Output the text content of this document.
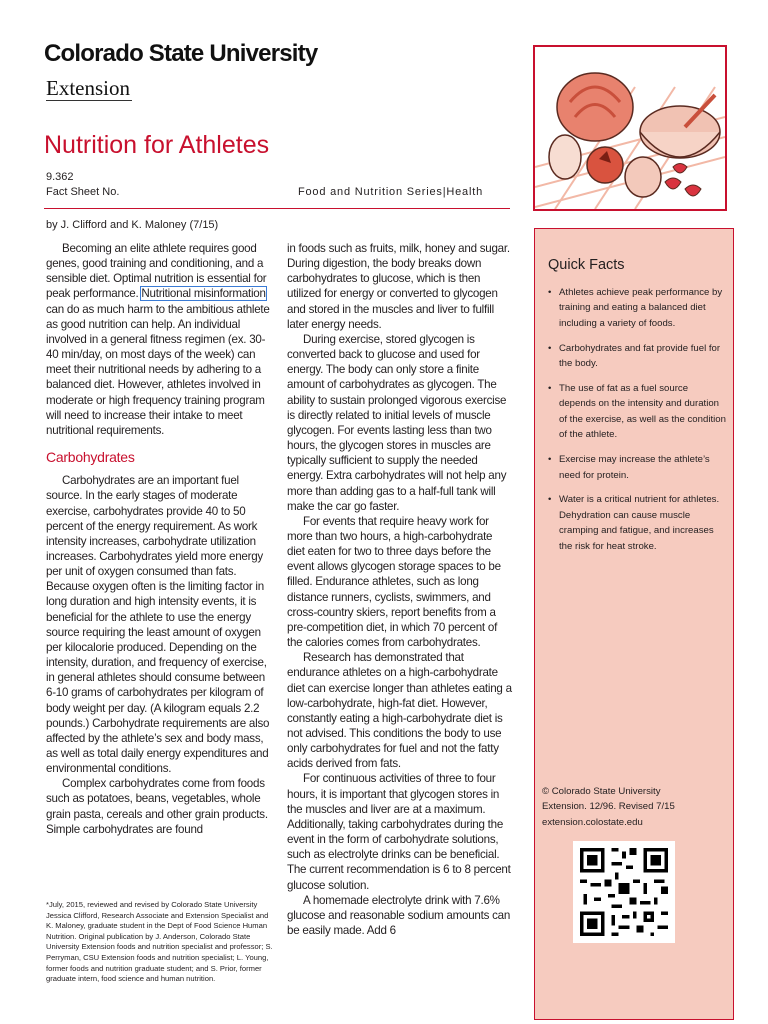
Colorado State University
Extension
Nutrition for Athletes
9.362
Fact Sheet No.	Food and Nutrition Series|Health
by J. Clifford and K. Maloney (7/15)

Becoming an elite athlete requires good genes, good training and conditioning, and a sensible diet. Optimal nutrition is essential for peak performance. Nutritional misinformation can do as much harm to the ambitious athlete as good nutrition can help. An individual involved in a general fitness regimen (ex. 30-40 min/day, on most days of the week) can meet their nutritional needs by adhering to a balanced diet. However, athletes involved in moderate or high frequency training program will need to increase their intake to meet nutritional requirements.

Carbohydrates

Carbohydrates are an important fuel source. In the early stages of moderate exercise, carbohydrates provide 40 to 50 percent of the energy requirement. As work intensity increases, carbohydrate utilization increases. Carbohydrates yield more energy per unit of oxygen consumed than fats. Because oxygen often is the limiting factor in long duration and high intensity events, it is beneficial for the athlete to use the energy source requiring the least amount of oxygen per kilocalorie produced. Depending on the intensity, duration, and frequency of exercise, in general athletes should consume between 6-10 grams of carbohydrates per kilogram of body weight per day. (A kilogram equals 2.2 pounds.) Carbohydrate requirements are also affected by the athlete’s sex and body mass, as well as total daily energy expenditures and environmental conditions.

Complex carbohydrates come from foods such as potatoes, beans, vegetables, whole grain pasta, cereals and other grain products. Simple carbohydrates are found

in foods such as fruits, milk, honey and sugar. During digestion, the body breaks down carbohydrates to glucose, which is then utilized for energy or converted to glycogen and stored in the muscles and liver to fulfill later energy needs.

During exercise, stored glycogen is converted back to glucose and used for energy. The body can only store a finite amount of carbohydrates as glycogen. The ability to sustain prolonged vigorous exercise is directly related to initial levels of muscle glycogen. For events lasting less than two hours, the glycogen stores in muscles are typically sufficient to supply the needed energy. Extra carbohydrates will not help any more than adding gas to a half-full tank will make the car go faster.

For events that require heavy work for more than two hours, a high-carbohydrate diet eaten for two to three days before the event allows glycogen storage spaces to be filled. Endurance athletes, such as long distance runners, cyclists, swimmers, and cross-country skiers, report benefits from a pre-competition diet, in which 70 percent of the calories comes from carbohydrates.

Research has demonstrated that endurance athletes on a high-carbohydrate diet can exercise longer than athletes eating a low-carbohydrate, high-fat diet. However, constantly eating a high-carbohydrate diet is not advised. This conditions the body to use only carbohydrates for fuel and not the fatty acids derived from fats.

For continuous activities of three to four hours, it is important that glycogen stores in the muscles and liver are at a maximum. Additionally, taking carbohydrates during the event in the form of carbohydrate solutions, such as electrolyte drinks can be beneficial. The current recommendation is 6 to 8 percent glucose solution.

A homemade electrolyte drink with 7.6% glucose and reasonable sodium amounts can be easily made. Add 6

*July, 2015, reviewed and revised by Colorado State University Jessica Clifford, Research Associate and Extension Specialist and K. Maloney, graduate student in the Dept of Food Science Human Nutrition. Original publication by J. Anderson, Colorado State University Extension foods and nutrition specialist and professor; S. Perryman, CSU Extension foods and nutrition specialist; L. Young, former foods and nutrition graduate student; and S. Prior, former graduate intern, food science and human nutrition.
Quick Facts
• Athletes achieve peak performance by training and eating a balanced diet including a variety of foods.
• Carbohydrates and fat provide fuel for the body.
• The use of fat as a fuel source depends on the intensity and duration of the exercise, as well as the condition of the athlete.
• Exercise may increase the athlete’s need for protein.
• Water is a critical nutrient for athletes. Dehydration can cause muscle cramping and fatigue, and increases the risk for heat stroke.
© Colorado State University
Extension. 12/96. Revised 7/15
extension.colostate.edu
